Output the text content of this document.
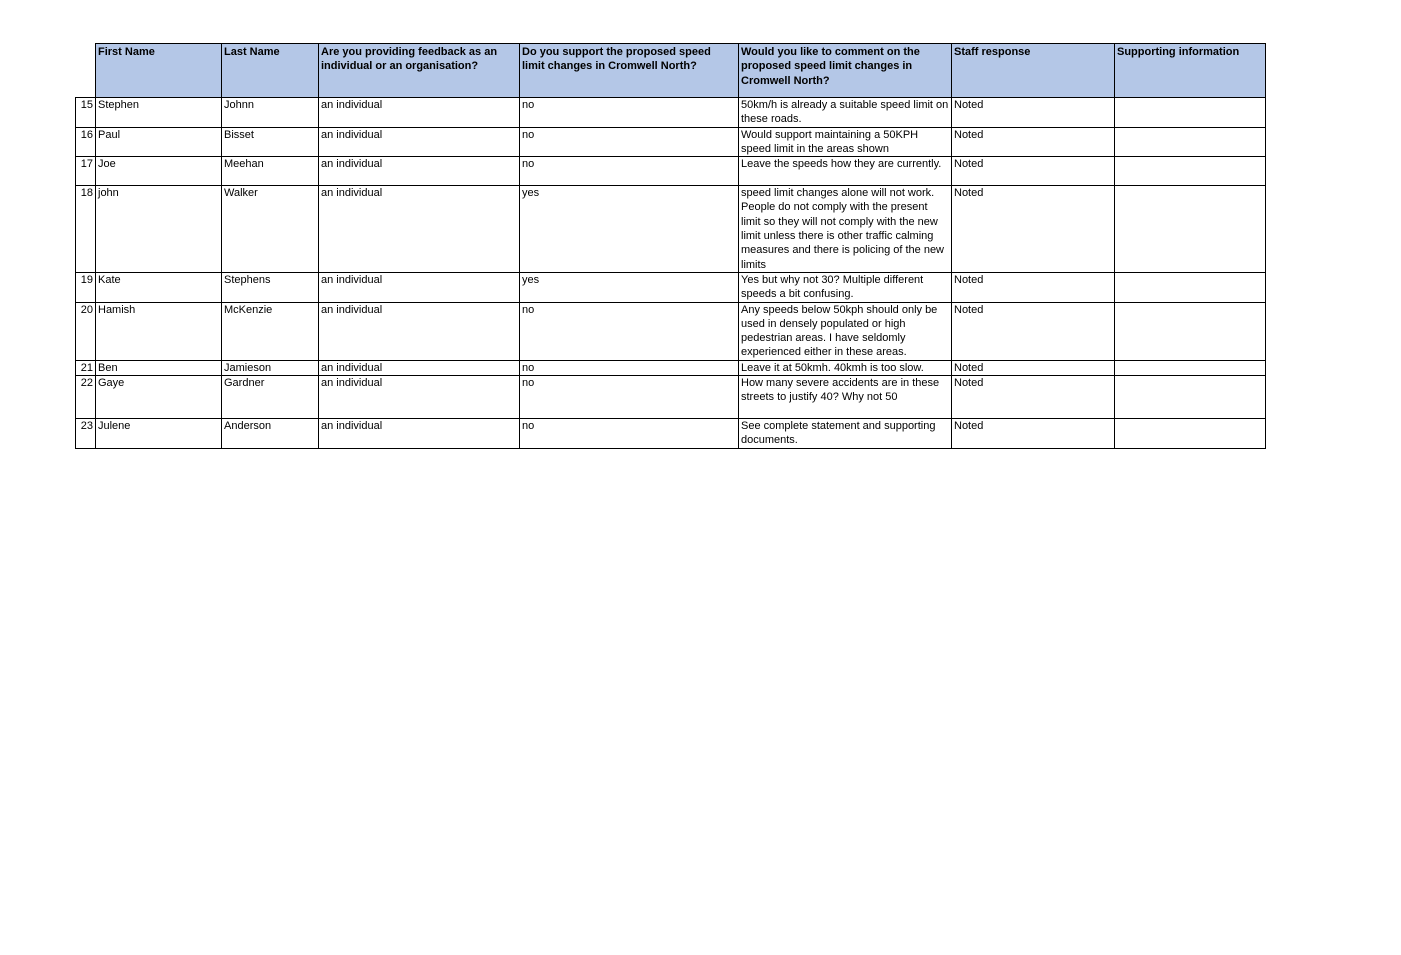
	First Name	Last Name	Are you providing feedback as an individual or an organisation?	Do you support the proposed speed limit changes in Cromwell North?	Would you like to comment on the proposed speed limit changes in Cromwell North?	Staff response	Supporting information
15	Stephen	Johnn	an individual	no	50km/h is already a suitable speed limit on these roads.	Noted	
16	Paul	Bisset	an individual	no	Would support maintaining a 50KPH speed limit in the areas shown	Noted	
17	Joe	Meehan	an individual	no	Leave the speeds how they are currently.	Noted	
18	john	Walker	an individual	yes	speed limit changes alone will not work. People do not comply with the present limit so they will not comply with the new limit unless there is other traffic calming measures and there is policing of the new limits	Noted	
19	Kate	Stephens	an individual	yes	Yes but why not 30? Multiple different speeds a bit confusing.	Noted	
20	Hamish	McKenzie	an individual	no	Any speeds below 50kph should only be used in densely populated or high pedestrian areas. I have seldomly experienced either in these areas.	Noted	
21	Ben	Jamieson	an individual	no	Leave it at 50kmh. 40kmh is too slow.	Noted	
22	Gaye	Gardner	an individual	no	How many severe accidents are in these streets to justify 40? Why not 50	Noted	
23	Julene	Anderson	an individual	no	See complete statement and supporting documents.	Noted	
